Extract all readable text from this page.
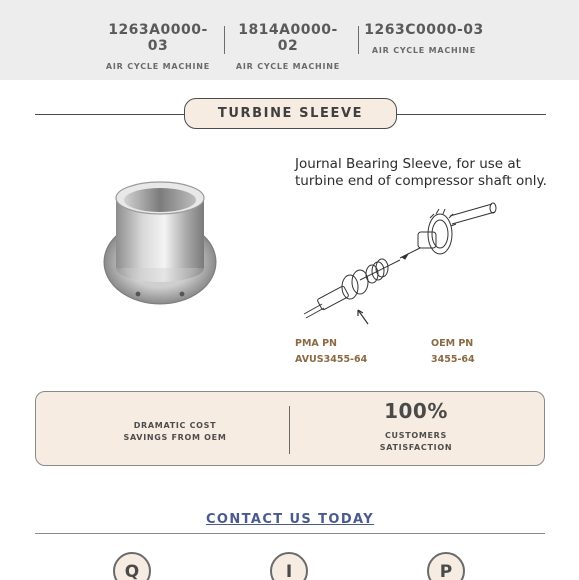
1263A0000-03
AIR CYCLE MACHINE
1814A0000-02
AIR CYCLE MACHINE
1263C0000-03
AIR CYCLE MACHINE
TURBINE SLEEVE
Journal Bearing Sleeve, for use at turbine end of compressor shaft only.
PMA PN
AVUS3455-64
OEM PN
3455-64
DRAMATIC COST
SAVINGS FROM OEM
100%
CUSTOMERS
SATISFACTION
CONTACT US TODAY
Q	I	P
